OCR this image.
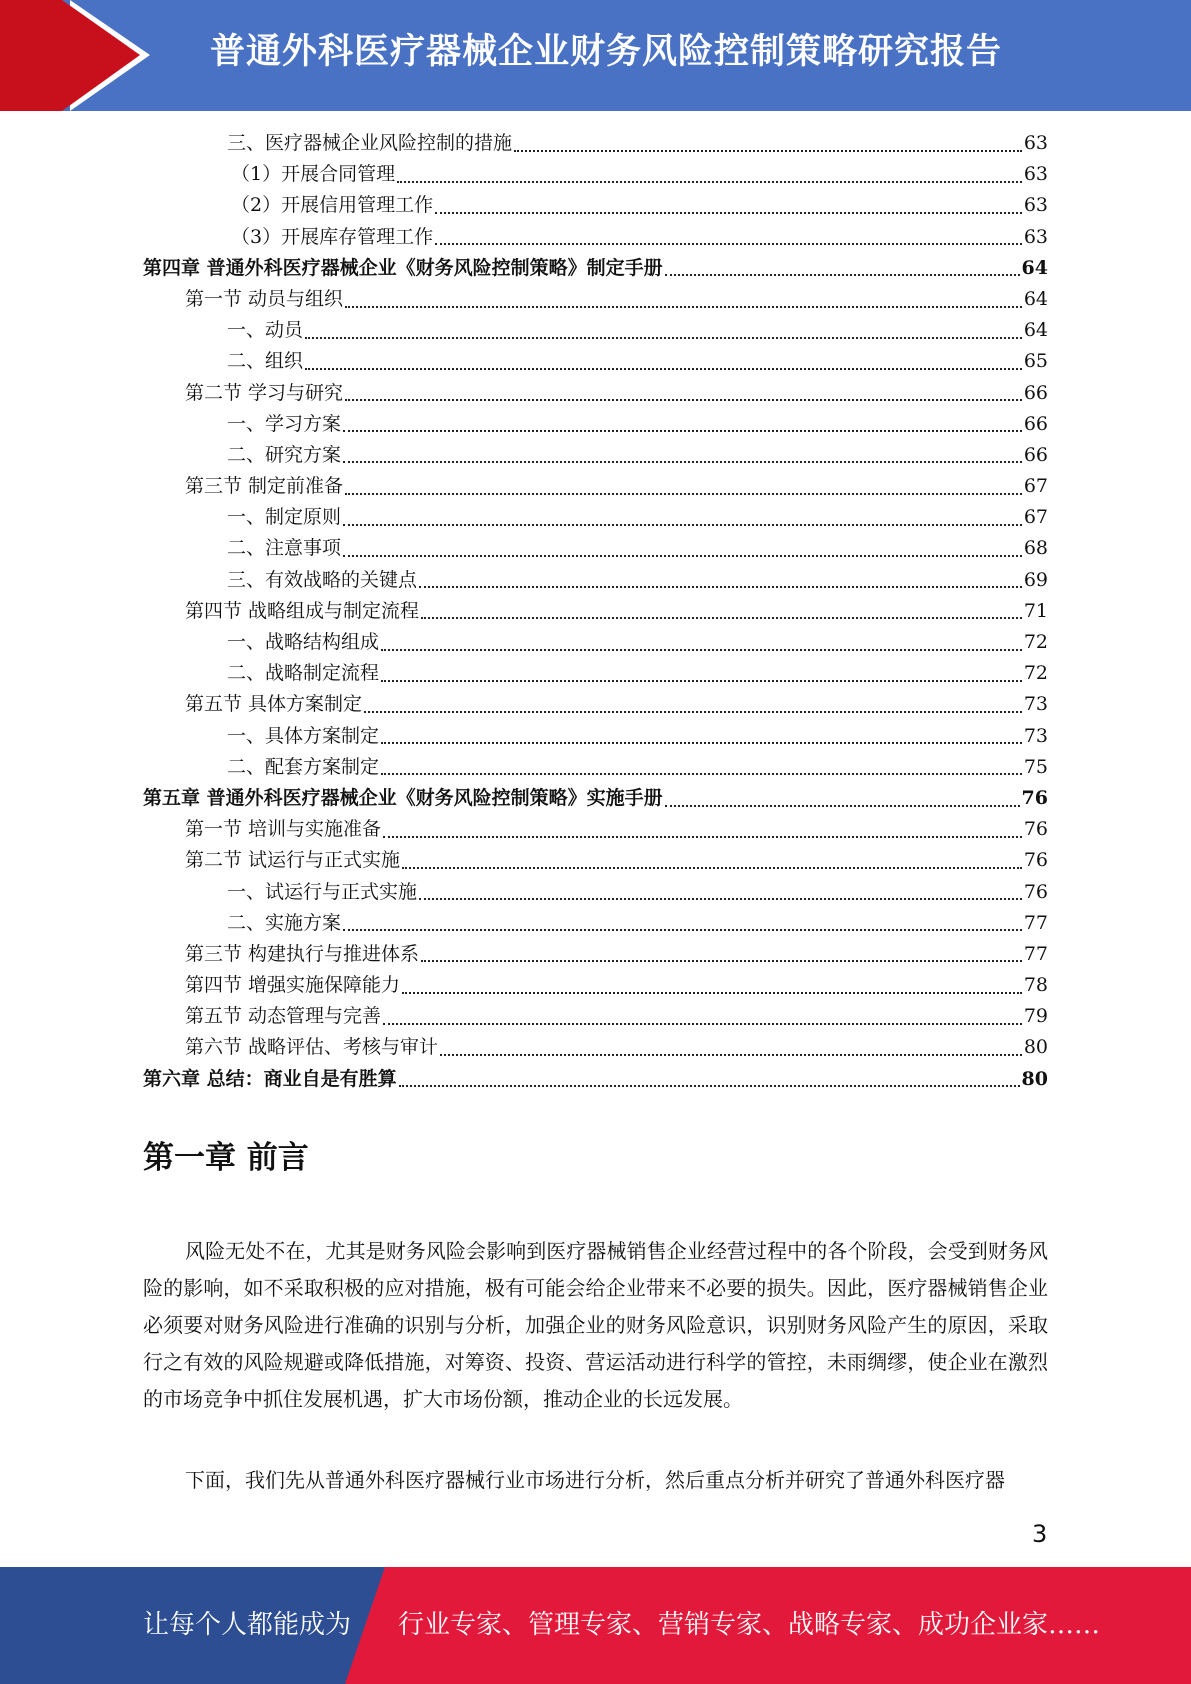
普通外科医疗器械企业财务风险控制策略研究报告
三、医疗器械企业风险控制的措施	63
（1）开展合同管理	63
（2）开展信用管理工作	63
（3）开展库存管理工作	63
第四章 普通外科医疗器械企业《财务风险控制策略》制定手册	64
第一节 动员与组织	64
一、动员	64
二、组织	65
第二节 学习与研究	66
一、学习方案	66
二、研究方案	66
第三节 制定前准备	67
一、制定原则	67
二、注意事项	68
三、有效战略的关键点	69
第四节 战略组成与制定流程	71
一、战略结构组成	72
二、战略制定流程	72
第五节 具体方案制定	73
一、具体方案制定	73
二、配套方案制定	75
第五章 普通外科医疗器械企业《财务风险控制策略》实施手册	76
第一节 培训与实施准备	76
第二节 试运行与正式实施	76
一、试运行与正式实施	76
二、实施方案	77
第三节 构建执行与推进体系	77
第四节 增强实施保障能力	78
第五节 动态管理与完善	79
第六节 战略评估、考核与审计	80
第六章 总结：商业自是有胜算	80
第一章 前言
风险无处不在，尤其是财务风险会影响到医疗器械销售企业经营过程中的各个阶段，会受到财务风险的影响，如不采取积极的应对措施，极有可能会给企业带来不必要的损失。因此，医疗器械销售企业必须要对财务风险进行准确的识别与分析，加强企业的财务风险意识，识别财务风险产生的原因，采取行之有效的风险规避或降低措施，对筹资、投资、营运活动进行科学的管控，未雨绸缪，使企业在激烈的市场竞争中抓住发展机遇，扩大市场份额，推动企业的长远发展。
下面，我们先从普通外科医疗器械行业市场进行分析，然后重点分析并研究了普通外科医疗器
3
让每个人都能成为 行业专家、管理专家、营销专家、战略专家、成功企业家……
